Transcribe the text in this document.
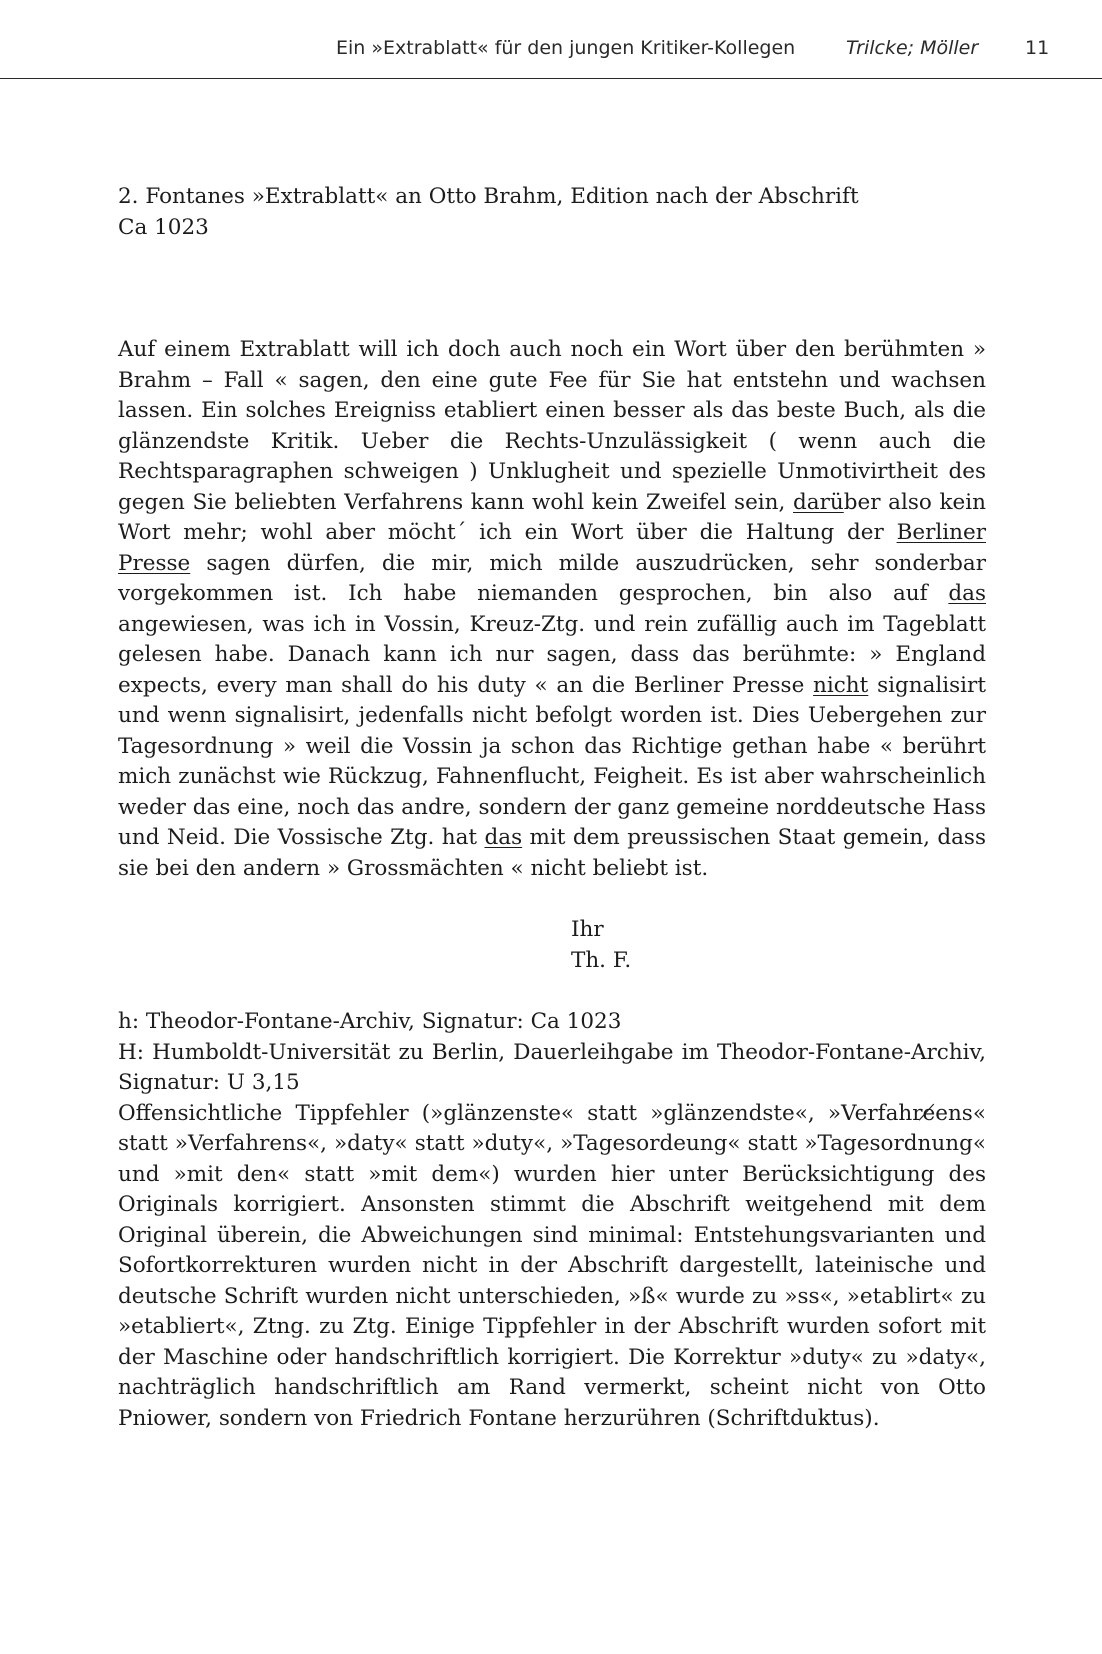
Ein »Extrablatt« für den jungen Kritiker-Kollegen	Trilcke; Möller 11
2. Fontanes »Extrablatt« an Otto Brahm, Edition nach der Abschrift
Ca 1023
Auf einem Extrablatt will ich doch auch noch ein Wort über den berühmten » Brahm – Fall « sagen, den eine gute Fee für Sie hat entstehn und wachsen lassen. Ein solches Ereigniss etabliert einen besser als das beste Buch, als die glänzendste Kritik. Ueber die Rechts-Unzulässigkeit ( wenn auch die Rechtsparagraphen schweigen ) Unklugheit und spezielle Unmotivirtheit des gegen Sie beliebten Verfahrens kann wohl kein Zweifel sein, darüber also kein Wort mehr; wohl aber möcht´ ich ein Wort über die Haltung der Berliner Presse sagen dürfen, die mir, mich milde auszudrücken, sehr sonderbar vorgekommen ist. Ich habe niemanden gesprochen, bin also auf das angewiesen, was ich in Vossin, Kreuz-Ztg. und rein zufällig auch im Tageblatt gelesen habe. Danach kann ich nur sagen, dass das berühmte: » England expects, every man shall do his duty « an die Berliner Presse nicht signalisirt und wenn signalisirt, jedenfalls nicht befolgt worden ist. Dies Uebergehen zur Tagesordnung » weil die Vossin ja schon das Richtige gethan habe « berührt mich zunächst wie Rückzug, Fahnenflucht, Feigheit. Es ist aber wahrscheinlich weder das eine, noch das andre, sondern der ganz gemeine norddeutsche Hass und Neid. Die Vossische Ztg. hat das mit dem preussischen Staat gemein, dass sie bei den andern » Grossmächten « nicht beliebt ist.
Ihr
Th. F.
h: Theodor-Fontane-Archiv, Signatur: Ca 1023
H: Humboldt-Universität zu Berlin, Dauerleihgabe im Theodor-Fontane-Archiv, Signatur: U 3,15
Offensichtliche Tippfehler (»glänzenste« statt »glänzendste«, »Verfahre̸ens« statt »Verfahrens«, »daty« statt »duty«, »Tagesordeung« statt »Tagesordnung« und »mit den« statt »mit dem«) wurden hier unter Berücksichtigung des Originals korrigiert. Ansonsten stimmt die Abschrift weitgehend mit dem Original überein, die Abweichungen sind minimal: Entstehungsvarianten und Sofortkorrekturen wurden nicht in der Abschrift dargestellt, lateinische und deutsche Schrift wurden nicht unterschieden, »ß« wurde zu »ss«, »etablirt« zu »etabliert«, Ztng. zu Ztg. Einige Tippfehler in der Abschrift wurden sofort mit der Maschine oder handschriftlich korrigiert. Die Korrektur »duty« zu »daty«, nachträglich handschriftlich am Rand vermerkt, scheint nicht von Otto Pniower, sondern von Friedrich Fontane herzurühren (Schriftduktus).
